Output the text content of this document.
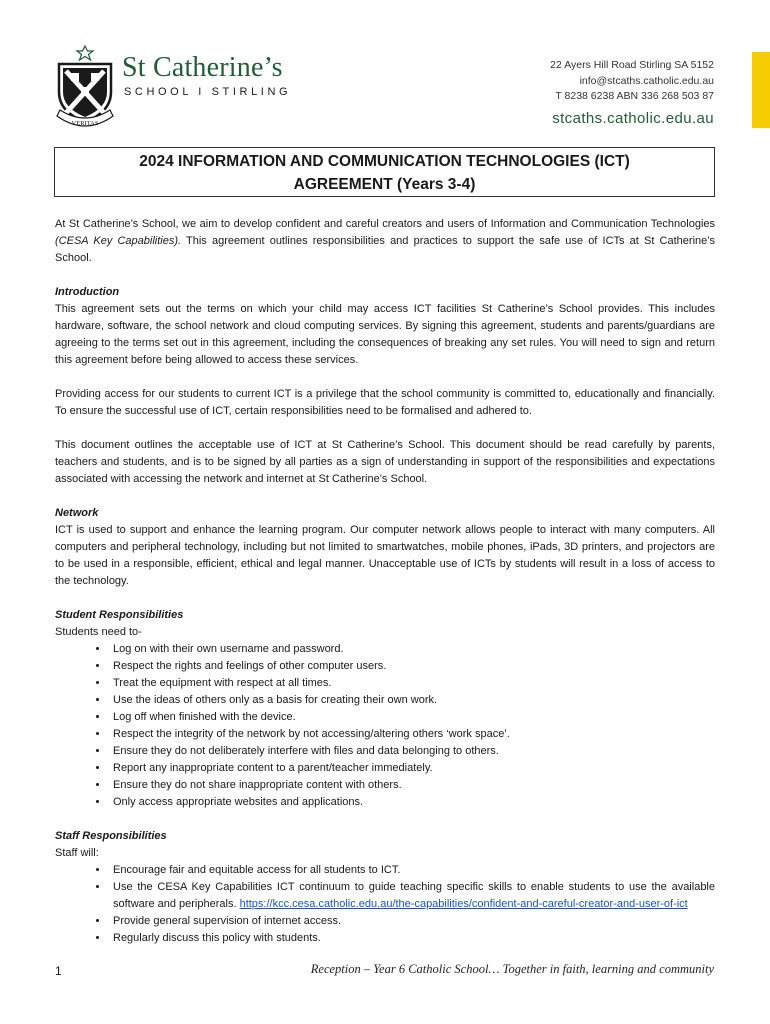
VERITAS
St Catherine’s
SCHOOL I STIRLING
22 Ayers Hill Road Stirling SA 5152
info@stcaths.catholic.edu.au
T 8238 6238 ABN 336 268 503 87
stcaths.catholic.edu.au
2024 INFORMATION AND COMMUNICATION TECHNOLOGIES (ICT)
AGREEMENT (Years 3-4)

At St Catherine’s School, we aim to develop confident and careful creators and users of Information and Communication Technologies (CESA Key Capabilities). This agreement outlines responsibilities and practices to support the safe use of ICTs at St Catherine’s School.

Introduction

This agreement sets out the terms on which your child may access ICT facilities St Catherine’s School provides. This includes hardware, software, the school network and cloud computing services. By signing this agreement, students and parents/guardians are agreeing to the terms set out in this agreement, including the consequences of breaking any set rules. You will need to sign and return this agreement before being allowed to access these services.

Providing access for our students to current ICT is a privilege that the school community is committed to, educationally and financially. To ensure the successful use of ICT, certain responsibilities need to be formalised and adhered to.

This document outlines the acceptable use of ICT at St Catherine’s School. This document should be read carefully by parents, teachers and students, and is to be signed by all parties as a sign of understanding in support of the responsibilities and expectations associated with accessing the network and internet at St Catherine’s School.

Network

ICT is used to support and enhance the learning program. Our computer network allows people to interact with many computers. All computers and peripheral technology, including but not limited to smartwatches, mobile phones, iPads, 3D printers, and projectors are to be used in a responsible, efficient, ethical and legal manner. Unacceptable use of ICTs by students will result in a loss of access to the technology.

Student Responsibilities

Students need to-

• Log on with their own username and password.
• Respect the rights and feelings of other computer users.
• Treat the equipment with respect at all times.
• Use the ideas of others only as a basis for creating their own work.
• Log off when finished with the device.
• Respect the integrity of the network by not accessing/altering others ‘work space’.
• Ensure they do not deliberately interfere with files and data belonging to others.
• Report any inappropriate content to a parent/teacher immediately.
• Ensure they do not share inappropriate content with others.
• Only access appropriate websites and applications.

Staff Responsibilities

Staff will:

• Encourage fair and equitable access for all students to ICT.
• Use the CESA Key Capabilities ICT continuum to guide teaching specific skills to enable students to use the available software and peripherals. https://kcc.cesa.catholic.edu.au/the-capabilities/confident-and-careful-creator-and-user-of-ict
• Provide general supervision of internet access.
• Regularly discuss this policy with students.
1	Reception – Year 6 Catholic School… Together in faith, learning and community
